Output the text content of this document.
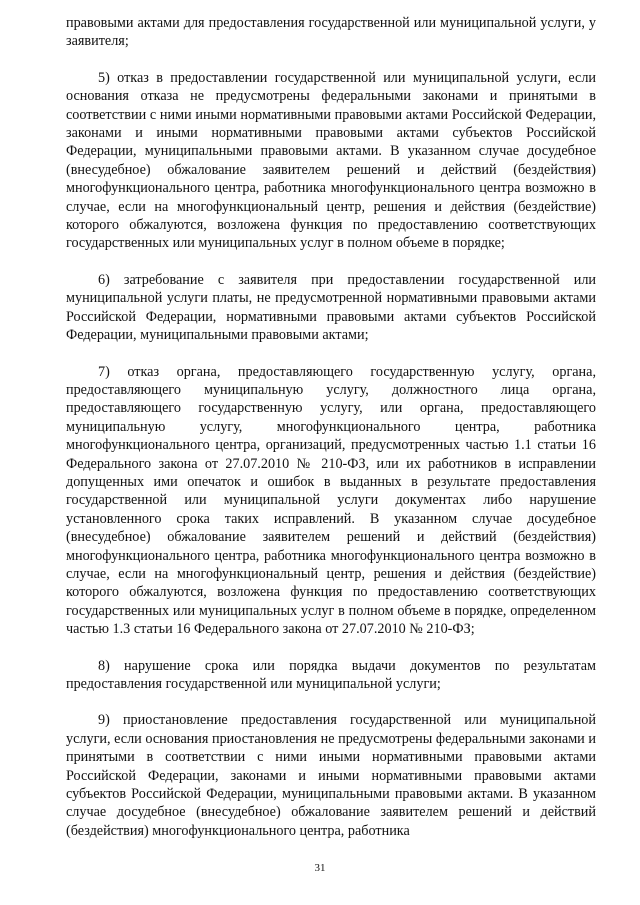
правовыми актами для предоставления государственной или муниципальной услуги, у заявителя;

5) отказ в предоставлении государственной или муниципальной услуги, если основания отказа не предусмотрены федеральными законами и принятыми в соответствии с ними иными нормативными правовыми актами Российской Федерации, законами и иными нормативными правовыми актами субъектов Российской Федерации, муниципальными правовыми актами. В указанном случае досудебное (внесудебное) обжалование заявителем решений и действий (бездействия) многофункционального центра, работника многофункционального центра возможно в случае, если на многофункциональный центр, решения и действия (бездействие) которого обжалуются, возложена функция по предоставлению соответствующих государственных или муниципальных услуг в полном объеме в порядке;

6) затребование с заявителя при предоставлении государственной или муниципальной услуги платы, не предусмотренной нормативными правовыми актами Российской Федерации, нормативными правовыми актами субъектов Российской Федерации, муниципальными правовыми актами;

7) отказ органа, предоставляющего государственную услугу, органа, предоставляющего муниципальную услугу, должностного лица органа, предоставляющего государственную услугу, или органа, предоставляющего муниципальную услугу, многофункционального центра, работника многофункционального центра, организаций, предусмотренных частью 1.1 статьи 16 Федерального закона от 27.07.2010 № 210-ФЗ, или их работников в исправлении допущенных ими опечаток и ошибок в выданных в результате предоставления государственной или муниципальной услуги документах либо нарушение установленного срока таких исправлений. В указанном случае досудебное (внесудебное) обжалование заявителем решений и действий (бездействия) многофункционального центра, работника многофункционального центра возможно в случае, если на многофункциональный центр, решения и действия (бездействие) которого обжалуются, возложена функция по предоставлению соответствующих государственных или муниципальных услуг в полном объеме в порядке, определенном частью 1.3 статьи 16 Федерального закона от 27.07.2010 № 210-ФЗ;

8) нарушение срока или порядка выдачи документов по результатам предоставления государственной или муниципальной услуги;

9) приостановление предоставления государственной или муниципальной услуги, если основания приостановления не предусмотрены федеральными законами и принятыми в соответствии с ними иными нормативными правовыми актами Российской Федерации, законами и иными нормативными правовыми актами субъектов Российской Федерации, муниципальными правовыми актами. В указанном случае досудебное (внесудебное) обжалование заявителем решений и действий (бездействия) многофункционального центра, работника

31
